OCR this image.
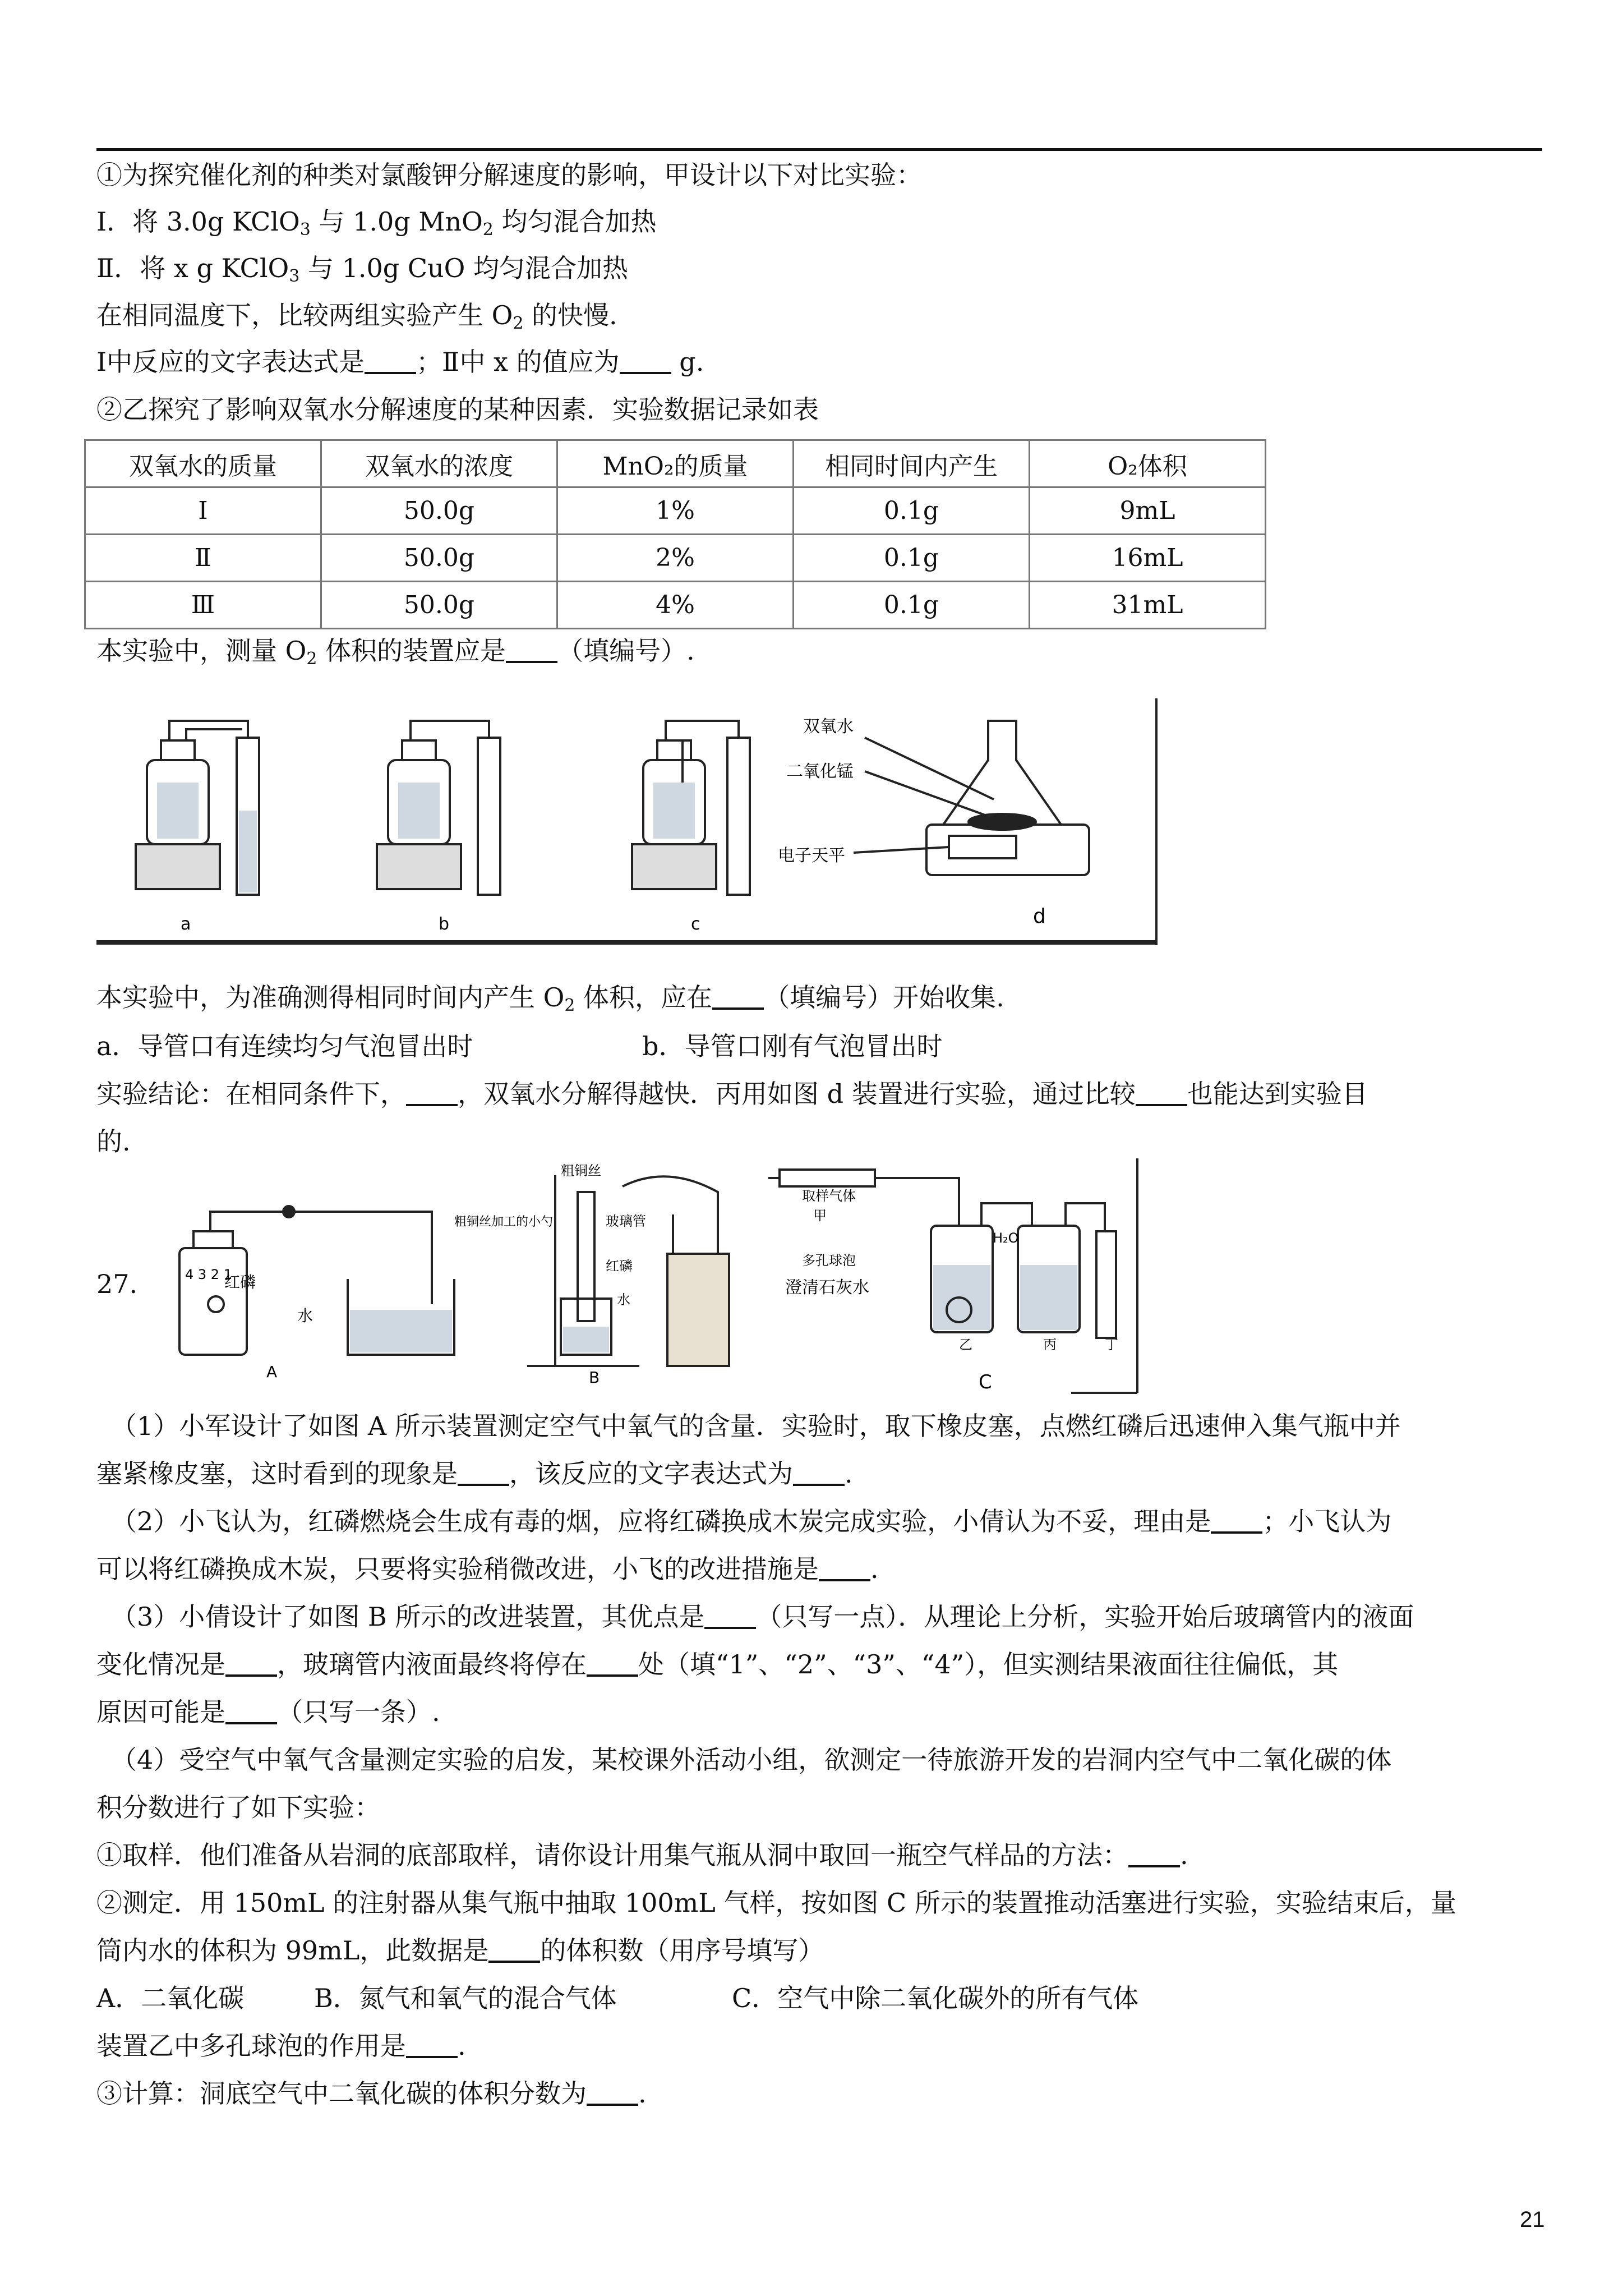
①为探究催化剂的种类对氯酸钾分解速度的影响，甲设计以下对比实验：
Ⅰ．将 3.0g KClO$_3$ 与 1.0g MnO$_2$ 均匀混合加热
Ⅱ．将 x g KClO$_3$ 与 1.0g CuO 均匀混合加热
在相同温度下，比较两组实验产生 $O_2$ 的快慢.
Ⅰ中反应的文字表达式是 ；Ⅱ中 x 的值应为 g.
②乙探究了影响双氧水分解速度的某种因素．实验数据记录如表
双氧水的质量	双氧水的浓度	MnO₂的质量	相同时间内产生	O₂体积
Ⅰ	50.0g	1%	0.1g	9mL
Ⅱ	50.0g	2%	0.1g	16mL
Ⅲ	50.0g	4%	0.1g	31mL
本实验中，测量 $O_2$ 体积的装置应是 （填编号）.
a	b	c
双氧水
二氧化锰
电子天平
d
本实验中，为准确测得相同时间内产生 $O_2$ 体积，应在 （填编号）开始收集.
a．导管口有连续均匀气泡冒出时	b．导管口刚有气泡冒出时
实验结论：在相同条件下， ，双氧水分解得越快．丙用如图 d 装置进行实验，通过比较 也能达到实验目
的.
27.	4 3 2 1
红磷
水
A
粗铜丝
玻璃管
粗铜丝加工的小勺
红磷
水
B
取样气体
甲
H₂O
多孔球泡
澄清石灰水
乙	丙	丁
C
（1）小军设计了如图 A 所示装置测定空气中氧气的含量．实验时，取下橡皮塞，点燃红磷后迅速伸入集气瓶中并
塞紧橡皮塞，这时看到的现象是 ，该反应的文字表达式为 .
（2）小飞认为，红磷燃烧会生成有毒的烟，应将红磷换成木炭完成实验，小倩认为不妥，理由是 ；小飞认为
可以将红磷换成木炭，只要将实验稍微改进，小飞的改进措施是 .
（3）小倩设计了如图 B 所示的改进装置，其优点是 （只写一点）．从理论上分析，实验开始后玻璃管内的液面
变化情况是 ，玻璃管内液面最终将停在 处（填“1”、“2”、“3”、“4”），但实测结果液面往往偏低，其
原因可能是 （只写一条）.
（4）受空气中氧气含量测定实验的启发，某校课外活动小组，欲测定一待旅游开发的岩洞内空气中二氧化碳的体
积分数进行了如下实验：
①取样．他们准备从岩洞的底部取样，请你设计用集气瓶从洞中取回一瓶空气样品的方法： .
②测定．用 150mL 的注射器从集气瓶中抽取 100mL 气样，按如图 C 所示的装置推动活塞进行实验，实验结束后，量
筒内水的体积为 99mL，此数据是 的体积数（用序号填写）
A．二氧化碳	B．氮气和氧气的混合气体	C．空气中除二氧化碳外的所有气体
装置乙中多孔球泡的作用是 .
③计算：洞底空气中二氧化碳的体积分数为 .
21
